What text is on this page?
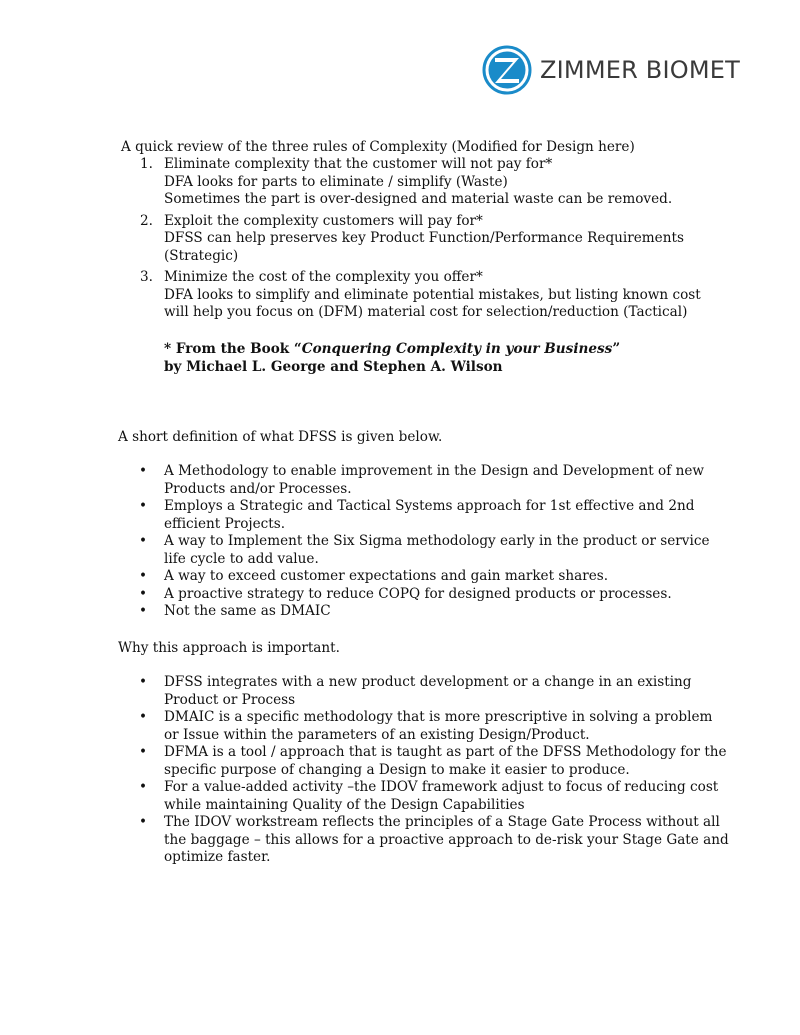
ZIMMER BIOMET
A quick review of the three rules of Complexity (Modified for Design here)
1. Eliminate complexity that the customer will not pay for*
DFA looks for parts to eliminate / simplify (Waste)
Sometimes the part is over-designed and material waste can be removed.
2. Exploit the complexity customers will pay for*
DFSS can help preserves key Product Function/Performance Requirements
(Strategic)
3. Minimize the cost of the complexity you offer*
DFA looks to simplify and eliminate potential mistakes, but listing known cost
will help you focus on (DFM) material cost for selection/reduction (Tactical)
* From the Book “Conquering Complexity in your Business”
by Michael L. George and Stephen A. Wilson
A short definition of what DFSS is given below.
• A Methodology to enable improvement in the Design and Development of new
Products and/or Processes.
• Employs a Strategic and Tactical Systems approach for 1st effective and 2nd
efficient Projects.
• A way to Implement the Six Sigma methodology early in the product or service
life cycle to add value.
• A way to exceed customer expectations and gain market shares.
• A proactive strategy to reduce COPQ for designed products or processes.
• Not the same as DMAIC
Why this approach is important.
• DFSS integrates with a new product development or a change in an existing
Product or Process
• DMAIC is a specific methodology that is more prescriptive in solving a problem
or Issue within the parameters of an existing Design/Product.
• DFMA is a tool / approach that is taught as part of the DFSS Methodology for the
specific purpose of changing a Design to make it easier to produce.
• For a value-added activity –the IDOV framework adjust to focus of reducing cost
while maintaining Quality of the Design Capabilities
• The IDOV workstream reflects the principles of a Stage Gate Process without all
the baggage – this allows for a proactive approach to de-risk your Stage Gate and
optimize faster.
